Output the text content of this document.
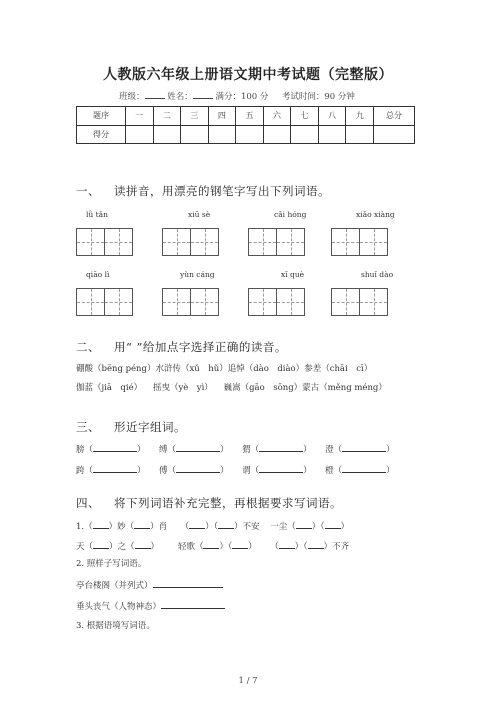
人教版六年级上册语文期中考试题（完整版）
班级：	姓名：	满分：100 分 考试时间：90 分钟
题序	一	二	三	四	五	六	七	八	九	总分
得分										
一、 读拼音，用漂亮的钢笔字写出下列词语。
lǜ tǎn	xiū sè	cǎi hóng	xiǎo xiàng
qiāo lì	yùn cáng	xǐ què	shuǐ dào
二、 用“ ”给加点字选择正确的读音。
硼酸（bēng péng）水浒传（xǔ　hǔ）追悼（dào　diào）参差（chāi　cī）
伽蓝（jiā　qié） 摇曳（yè　yì） 巍嵩（gāo　sōng）蒙古（měng méng）
三、 形近字组词。
膀（	） 缚（	） 猬（	） 澄（	）
跨（	） 傅（	） 谓（	） 橙（	）
四、 将下列词语补充完整，再根据要求写词语。
1.（ ）妙（ ）肖 （ ）（ ）不安 一尘（ ）（ ）
天（ ）之（ ） 轻歌（ ）（ ） （ ）（ ）不齐
2. 照样子写词语。
亭台楼阁（并列式）
垂头丧气（人物神态）
3. 根据语境写词语。
1 / 7
